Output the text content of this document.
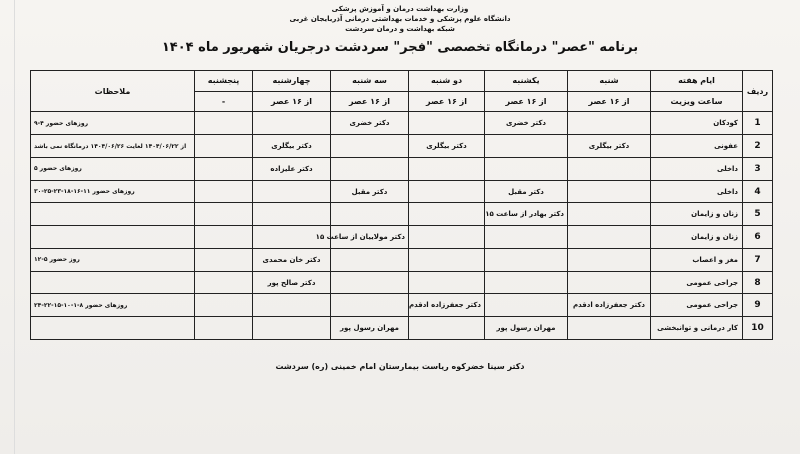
وزارت بهداشت درمان و آموزش پزشکی
دانشگاه علوم پزشکی و خدمات بهداشتی درمانی آذربایجان غربی
شبکه بهداشت و درمان سردشت
برنامه "عصر" درمانگاه تخصصی "فجر" سردشت درجریان شهریور ماه ۱۴۰۴
ردیف	ایام هفته	شنبه	یکشنبه	دو شنبه	سه شنبه	چهارشنبه	پنجشنبه	ملاحظات
	ساعت ویزیت	از ۱۶ عصر	از ۱۶ عصر	از ۱۶ عصر	از ۱۶ عصر	از ۱۶ عصر	-	
1	کودکان		دکتر خضری		دکتر خضری			روزهای حضور ۴-۹
2	عفونی	دکتر بیگلری		دکتر بیگلری		دکتر بیگلری		از ۱۴۰۴/۰۶/۲۲ لغایت ۱۴۰۴/۰۶/۲۶ درمانگاه نمی باشد
3	داخلی					دکتر علیزاده		روزهای حضور ۵
4	داخلی		دکتر مقبل		دکتر مقبل			روزهای حضور ۱۱-۱۶-۱۸-۲۳-۲۵-۳۰
5	زنان و زایمان		دکتر بهادر از ساعت ۱۵					
6	زنان و زایمان				دکتر مولاییان از ساعت ۱۵			
7	مغز و اعصاب					دکتر خان محمدی		روز حضور ۵-۱۲
8	جراحی عمومی					دکتر صالح پور		
9	جراحی عمومی	دکتر جعفرزاده ادقدم		دکتر جعفرزاده ادقدم				روزهای حضور ۸-۱-۱۰-۱۵-۲۲-۲۴
10	کار درمانی و توانبخشی		مهران رسول پور		مهران رسول پور			
دکتر سینا خضرکوه ریاست بیمارستان امام خمینی (ره) سردشت
